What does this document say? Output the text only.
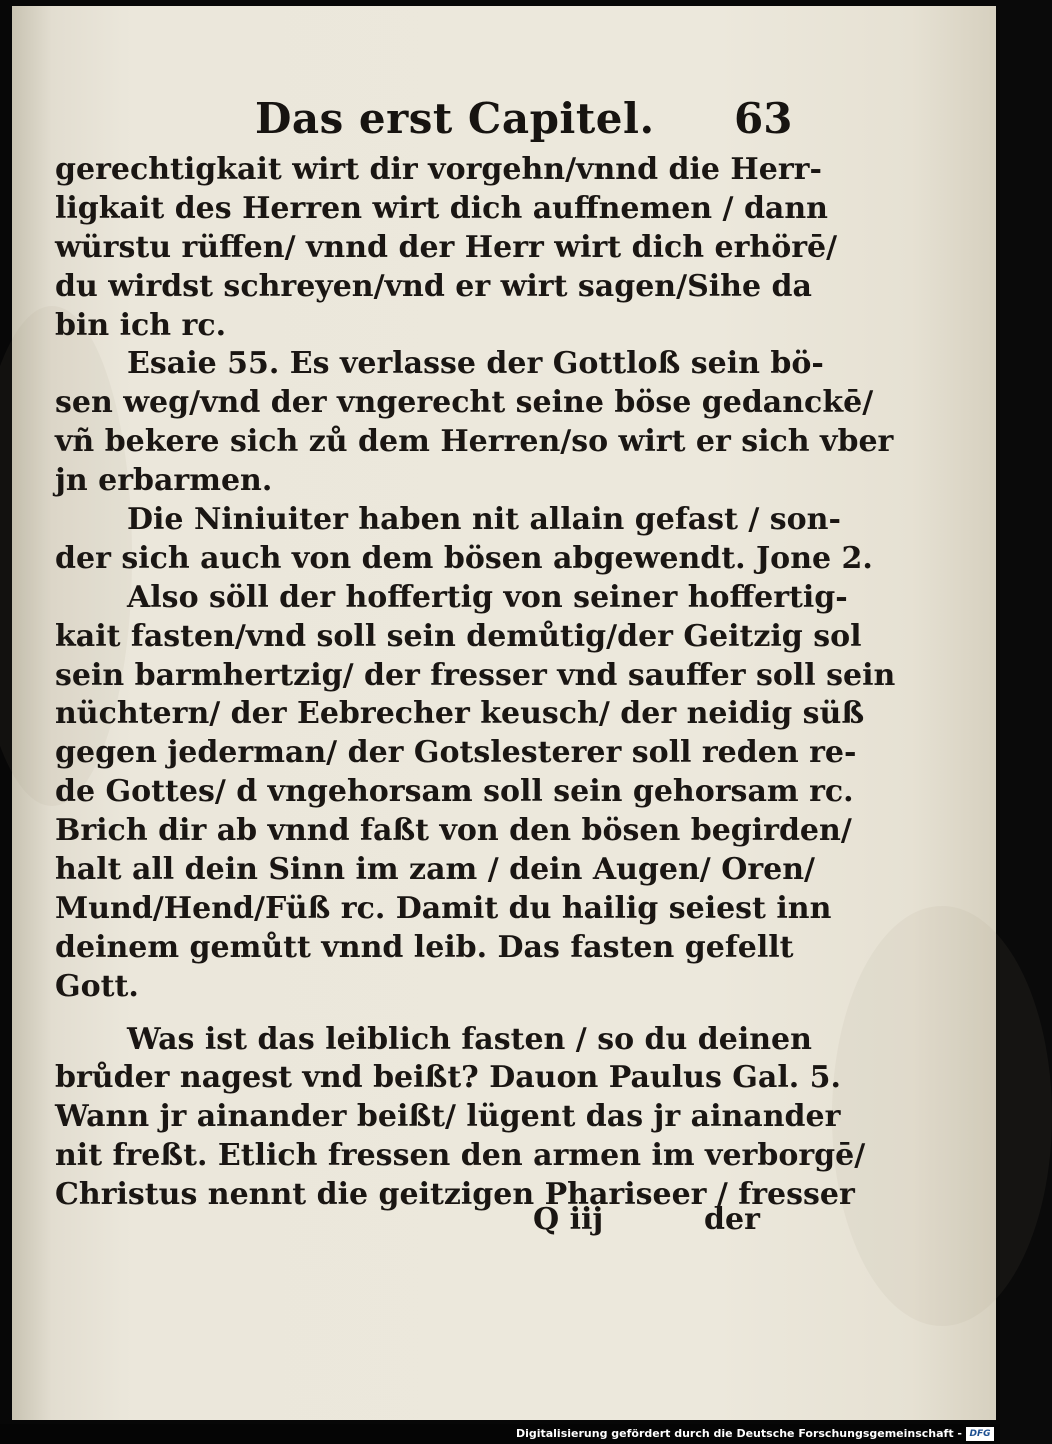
Das erst Capitel. 63
gerechtigkait wirt dir vorgehn/vnnd die Herr-
ligkait des Herren wirt dich auffnemen / dann
würstu rüffen/ vnnd der Herr wirt dich erhörē/
du wirdst schreyen/vnd er wirt sagen/Sihe da
bin ich rc.
Esaie 55. Es verlasse der Gottloß sein bö-
sen weg/vnd der vngerecht seine böse gedanckē/
vñ bekere sich zů dem Herren/so wirt er sich vber
jn erbarmen.
Die Niniuiter haben nit allain gefast / son-
der sich auch von dem bösen abgewendt. Jone 2.
Also söll der hoffertig von seiner hoffertig-
kait fasten/vnd soll sein demůtig/der Geitzig sol
sein barmhertzig/ der fresser vnd sauffer soll sein
nüchtern/ der Eebrecher keusch/ der neidig süß
gegen jederman/ der Gotslesterer soll reden re-
de Gottes/ d vngehorsam soll sein gehorsam rc.
Brich dir ab vnnd faßt von den bösen begirden/
halt all dein Sinn im zam / dein Augen/ Oren/
Mund/Hend/Füß rc. Damit du hailig seiest inn
deinem gemůtt vnnd leib. Das fasten gefellt
Gott.
Was ist das leiblich fasten / so du deinen
brůder nagest vnd beißt? Dauon Paulus Gal. 5.
Wann jr ainander beißt/ lügent das jr ainander
nit freßt. Etlich fressen den armen im verborgē/
Christus nennt die geitzigen Phariseer / fresser
Q iij	der
Digitalisierung gefördert durch die Deutsche Forschungsgemeinschaft - DFG
